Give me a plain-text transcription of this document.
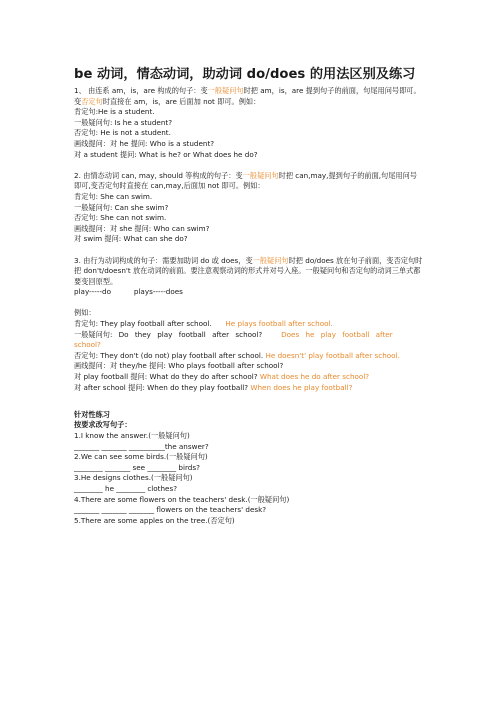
be 动词，情态动词，助动词 do/does 的用法区别及练习

1、 由连系 am，is，are 构成的句子：变一般疑问句时把 am，is，are 提到句子的前面，句尾用问号即可。变否定句时直接在 am，is，are 后面加 not 即可。例如：

肯定句:He is a student.

一般疑问句: Is he a student?

否定句: He is not a student.

画线提问：对 he 提问: Who is a student?

对 a student 提问: What is he? or What does he do?

2. 由情态动词 can, may, should 等构成的句子：变一般疑问句时把 can,may,提到句子的前面,句尾用问号即可,变否定句时直接在 can,may,后面加 not 即可。例如：

肯定句: She can swim.

一般疑问句: Can she swim?

否定句: She can not swim.

画线提问：对 she 提问: Who can swim?

对 swim 提问: What can she do?

3. 由行为动词构成的句子：需要加助词 do 或 does，变一般疑问句时把 do/does 放在句子前面，变否定句时把 don't/doesn't 放在动词的前面。要注意观察动词的形式并对号入座。一般疑问句和否定句的动词三单式都要变回原型。

play-----do          plays-----does

例如：

肯定句: They play football after school. He plays football after school.

一般疑问句: Do they play football after school?	Does he play football after school?

否定句: They don't (do not) play football after school. He doesn't' play football after school.

画线提问：对 they/he 提问: Who plays football after school?

对 play football 提问: What do they do after school? What does he do after school?

对 after school 提问: When do they play football? When does he play football?

针对性练习

按要求改写句子：

1.I know the answer.(一般疑问句)

_______ _______ __________the answer?

2.We can see some birds.(一般疑问句)

________ _______ see ________ birds?

3.He designs clothes.(一般疑问句)

________ he ________ clothes?

4.There are some flowers on the teachers' desk.(一般疑问句)

_______ _______ _______ flowers on the teachers' desk?

5.There are some apples on the tree.(否定句)
